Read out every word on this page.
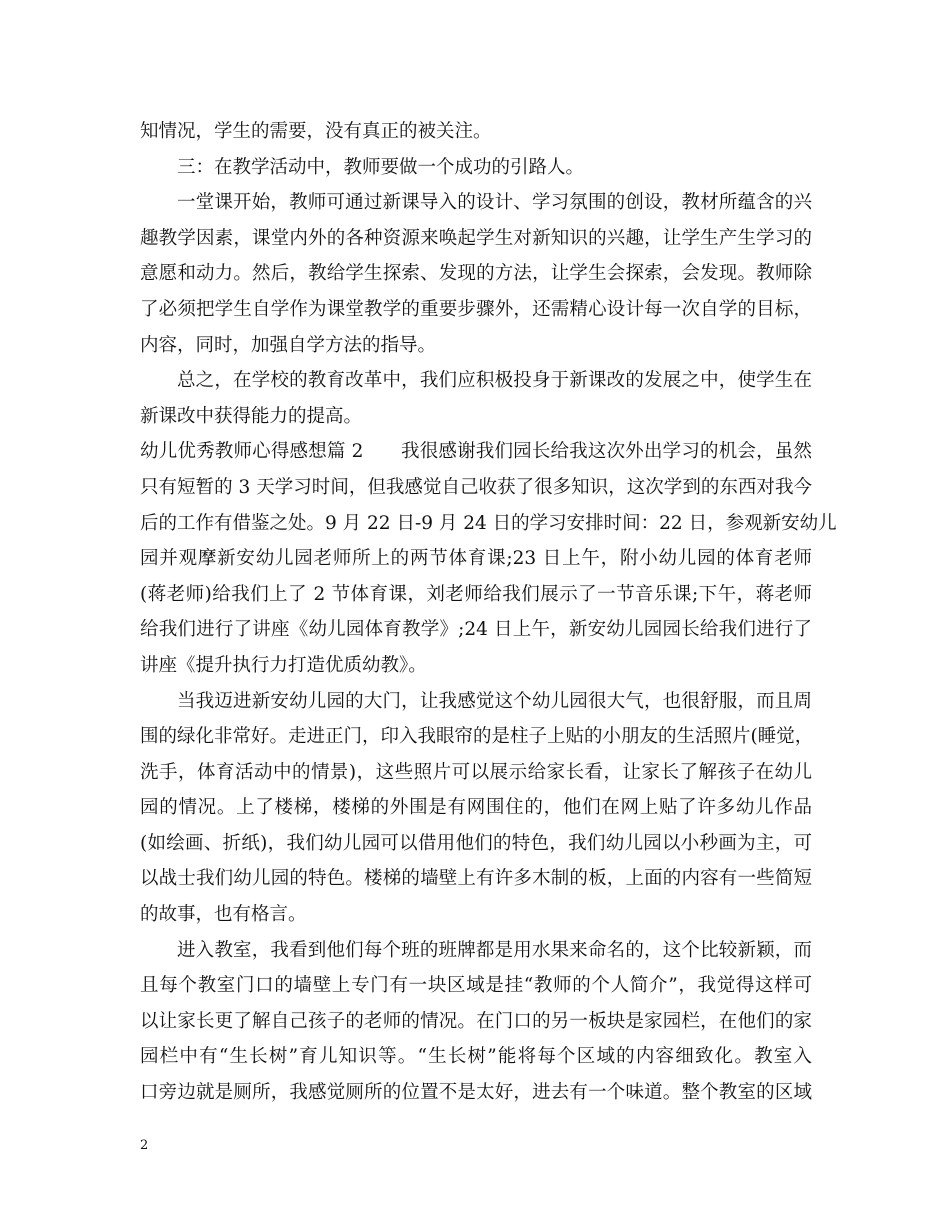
知情况，学生的需要，没有真正的被关注。
三：在教学活动中，教师要做一个成功的引路人。
一堂课开始，教师可通过新课导入的设计、学习氛围的创设，教材所蕴含的兴
趣教学因素，课堂内外的各种资源来唤起学生对新知识的兴趣，让学生产生学习的
意愿和动力。然后，教给学生探索、发现的方法，让学生会探索，会发现。教师除
了必须把学生自学作为课堂教学的重要步骤外，还需精心设计每一次自学的目标，
内容，同时，加强自学方法的指导。
总之，在学校的教育改革中，我们应积极投身于新课改的发展之中，使学生在
新课改中获得能力的提高。
幼儿优秀教师心得感想篇 2　　我很感谢我们园长给我这次外出学习的机会，虽然
只有短暂的 3 天学习时间，但我感觉自己收获了很多知识，这次学到的东西对我今
后的工作有借鉴之处。9 月 22 日-9 月 24 日的学习安排时间：22 日，参观新安幼儿
园并观摩新安幼儿园老师所上的两节体育课;23 日上午，附小幼儿园的体育老师
(蒋老师)给我们上了 2 节体育课，刘老师给我们展示了一节音乐课;下午，蒋老师
给我们进行了讲座《幼儿园体育教学》;24 日上午，新安幼儿园园长给我们进行了
讲座《提升执行力打造优质幼教》。
当我迈进新安幼儿园的大门，让我感觉这个幼儿园很大气，也很舒服，而且周
围的绿化非常好。走进正门，印入我眼帘的是柱子上贴的小朋友的生活照片(睡觉，
洗手，体育活动中的情景)，这些照片可以展示给家长看，让家长了解孩子在幼儿
园的情况。上了楼梯，楼梯的外围是有网围住的，他们在网上贴了许多幼儿作品
(如绘画、折纸)，我们幼儿园可以借用他们的特色，我们幼儿园以小秒画为主，可
以战士我们幼儿园的特色。楼梯的墙壁上有许多木制的板，上面的内容有一些简短
的故事，也有格言。
进入教室，我看到他们每个班的班牌都是用水果来命名的，这个比较新颖，而
且每个教室门口的墙壁上专门有一块区域是挂“教师的个人简介”，我觉得这样可
以让家长更了解自己孩子的老师的情况。在门口的另一板块是家园栏，在他们的家
园栏中有“生长树”育儿知识等。“生长树”能将每个区域的内容细致化。教室入
口旁边就是厕所，我感觉厕所的位置不是太好，进去有一个味道。整个教室的区域
2
